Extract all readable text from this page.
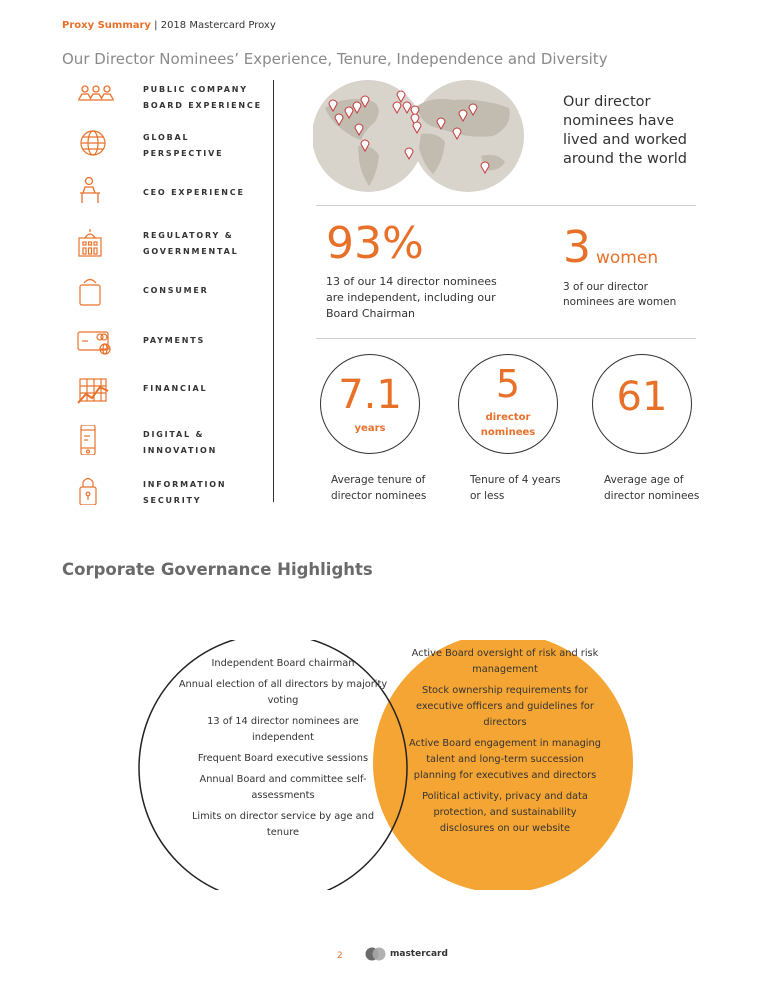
Proxy Summary | 2018 Mastercard Proxy
Our Director Nominees’ Experience, Tenure, Independence and Diversity
PUBLIC COMPANY BOARD EXPERIENCE
GLOBAL PERSPECTIVE
CEO EXPERIENCE
REGULATORY & GOVERNMENTAL
CONSUMER
PAYMENTS
FINANCIAL
DIGITAL & INNOVATION
INFORMATION SECURITY
Our director nominees have lived and worked around the world
93%
13 of our 14 director nominees are independent, including our Board Chairman
3 women
3 of our director nominees are women
7.1
years
Average tenure of director nominees
5
director nominees
Tenure of 4 years or less
61
Average age of director nominees
Corporate Governance Highlights
Independent Board chairman
Annual election of all directors by majority voting
13 of 14 director nominees are independent
Frequent Board executive sessions
Annual Board and committee self-assessments
Limits on director service by age and tenure
Active Board oversight of risk and risk management
Stock ownership requirements for executive officers and guidelines for directors
Active Board engagement in managing talent and long-term succession planning for executives and directors
Political activity, privacy and data protection, and sustainability disclosures on our website
2	mastercard
